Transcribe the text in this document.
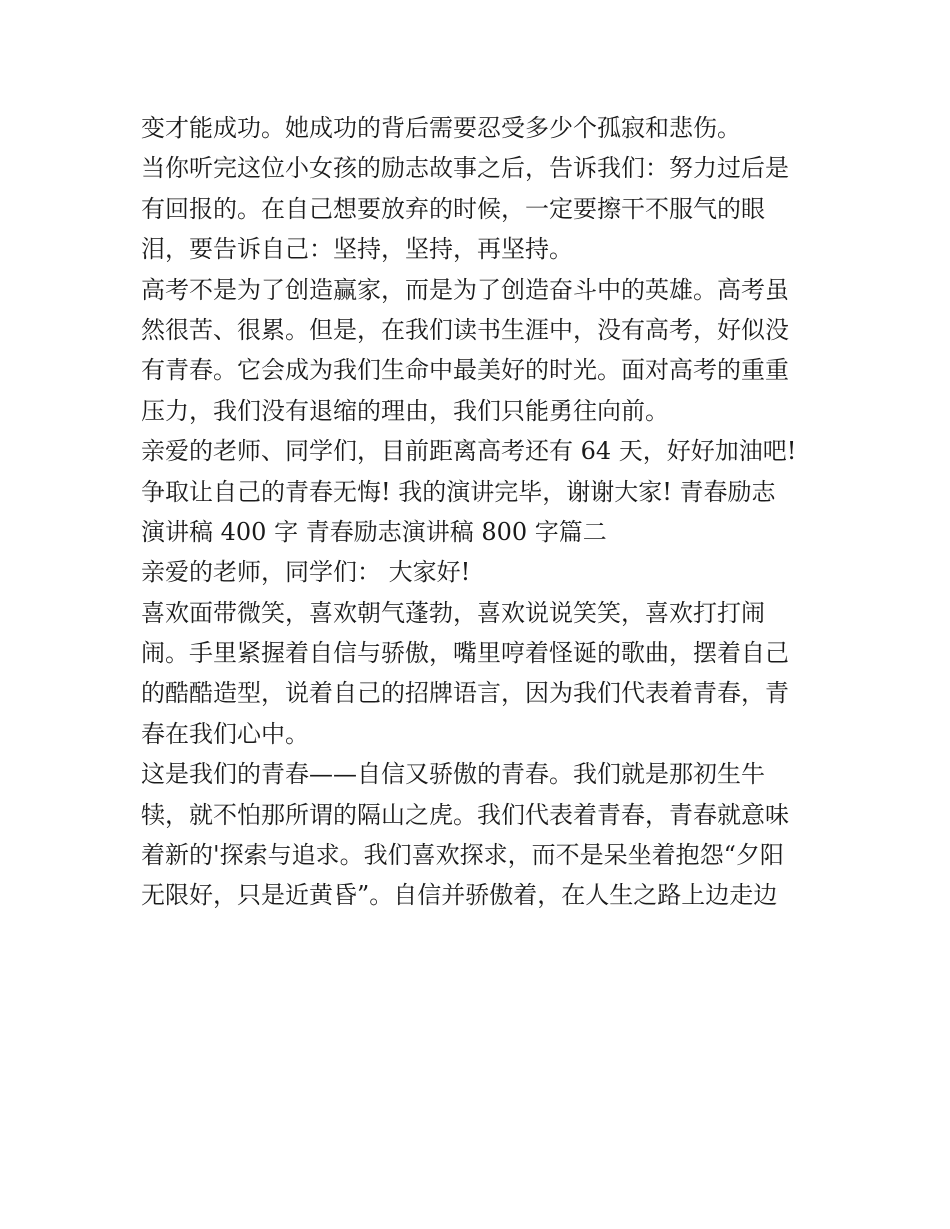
变才能成功。她成功的背后需要忍受多少个孤寂和悲伤。
当你听完这位小女孩的励志故事之后，告诉我们：努力过后是
有回报的。在自己想要放弃的时候，一定要擦干不服气的眼
泪，要告诉自己：坚持，坚持，再坚持。
高考不是为了创造赢家，而是为了创造奋斗中的英雄。高考虽
然很苦、很累。但是，在我们读书生涯中，没有高考，好似没
有青春。它会成为我们生命中最美好的时光。面对高考的重重
压力，我们没有退缩的理由，我们只能勇往向前。
亲爱的老师、同学们，目前距离高考还有 64 天，好好加油吧!
争取让自己的青春无悔! 我的演讲完毕，谢谢大家! 青春励志
演讲稿 400 字 青春励志演讲稿 800 字篇二
亲爱的老师，同学们： 大家好!
喜欢面带微笑，喜欢朝气蓬勃，喜欢说说笑笑，喜欢打打闹
闹。手里紧握着自信与骄傲，嘴里哼着怪诞的歌曲，摆着自己
的酷酷造型，说着自己的招牌语言，因为我们代表着青春，青
春在我们心中。
这是我们的青春——自信又骄傲的青春。我们就是那初生牛
犊，就不怕那所谓的隔山之虎。我们代表着青春，青春就意味
着新的'探索与追求。我们喜欢探求，而不是呆坐着抱怨“夕阳
无限好，只是近黄昏”。自信并骄傲着，在人生之路上边走边
